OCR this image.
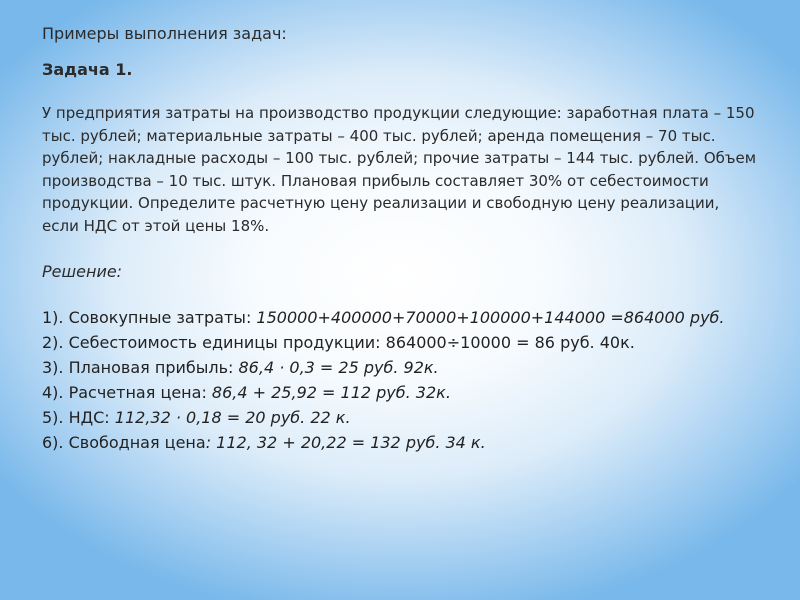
Примеры выполнения задач:
Задача 1.

У предприятия затраты на производство продукции следующие: заработная плата – 150
тыс. рублей; материальные затраты – 400 тыс. рублей; аренда помещения – 70 тыс.
рублей; накладные расходы – 100 тыс. рублей; прочие затраты – 144 тыс. рублей. Объем
производства – 10 тыс. штук. Плановая прибыль составляет 30% от себестоимости
продукции. Определите расчетную цену реализации и свободную цену реализации,
если НДС от этой цены 18%.

Решение:
1). Совокупные затраты: 150000+400000+70000+100000+144000 =864000 руб.
2). Себестоимость единицы продукции: 864000÷10000 = 86 руб. 40к.
3). Плановая прибыль: 86,4 · 0,3 = 25 руб. 92к.
4). Расчетная цена: 86,4 + 25,92 = 112 руб. 32к.
5). НДС: 112,32 · 0,18 = 20 руб. 22 к.
6). Свободная цена: 112, 32 + 20,22 = 132 руб. 34 к.
